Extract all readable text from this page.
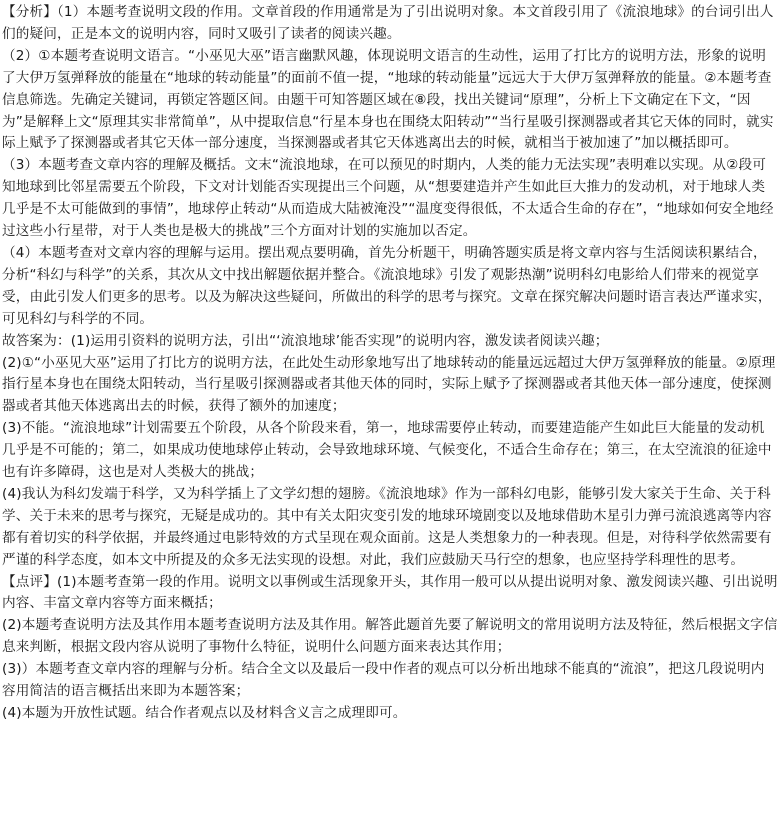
【分析】（1）本题考查说明文段的作用。文章首段的作用通常是为了引出说明对象。本文首段引用了《流浪地球》的台词引出人们的疑问，正是本文的说明内容，同时又吸引了读者的阅读兴趣。

（2）①本题考查说明文语言。“小巫见大巫”语言幽默风趣，体现说明文语言的生动性，运用了打比方的说明方法，形象的说明了大伊万氢弹释放的能量在“地球的转动能量”的面前不值一提，“地球的转动能量”远远大于大伊万氢弹释放的能量。②本题考查信息筛选。先确定关键词，再锁定答题区间。由题干可知答题区域在⑧段，找出关键词“原理”，分析上下文确定在下文，“因为”是解释上文“原理其实非常简单”，从中提取信息“行星本身也在围绕太阳转动”“当行星吸引探测器或者其它天体的同时，就实际上赋予了探测器或者其它天体一部分速度，当探测器或者其它天体逃离出去的时候，就相当于被加速了”加以概括即可。

（3）本题考查文章内容的理解及概括。文末“流浪地球，在可以预见的时期内，人类的能力无法实现”表明难以实现。从②段可知地球到比邻星需要五个阶段，下文对计划能否实现提出三个问题，从“想要建造并产生如此巨大推力的发动机，对于地球人类几乎是不太可能做到的事情”，地球停止转动“从而造成大陆被淹没”“温度变得很低，不太适合生命的存在”，“地球如何安全地经过这些小行星带，对于人类也是极大的挑战”三个方面对计划的实施加以否定。

（4）本题考查对文章内容的理解与运用。摆出观点要明确，首先分析题干，明确答题实质是将文章内容与生活阅读积累结合，分析“科幻与科学”的关系，其次从文中找出解题依据并整合。《流浪地球》引发了观影热潮”说明科幻电影给人们带来的视觉享受，由此引发人们更多的思考。以及为解决这些疑问，所做出的科学的思考与探究。文章在探究解决问题时语言表达严谨求实，可见科幻与科学的不同。

故答案为：(1)运用引资料的说明方法，引出“‘流浪地球’能否实现”的说明内容，激发读者阅读兴趣；

(2)①“小巫见大巫”运用了打比方的说明方法，在此处生动形象地写出了地球转动的能量远远超过大伊万氢弹释放的能量。②原理指行星本身也在围绕太阳转动，当行星吸引探测器或者其他天体的同时，实际上赋予了探测器或者其他天体一部分速度，使探测器或者其他天体逃离出去的时候，获得了额外的加速度；

(3)不能。“流浪地球”计划需要五个阶段，从各个阶段来看，第一，地球需要停止转动，而要建造能产生如此巨大能量的发动机几乎是不可能的；第二，如果成功使地球停止转动，会导致地球环境、气候变化，不适合生命存在；第三，在太空流浪的征途中也有许多障碍，这也是对人类极大的挑战；

(4)我认为科幻发端于科学，又为科学插上了文学幻想的翅膀。《流浪地球》作为一部科幻电影，能够引发大家关于生命、关于科学、关于未来的思考与探究，无疑是成功的。其中有关太阳灾变引发的地球环境剧变以及地球借助木星引力弹弓流浪逃离等内容都有着切实的科学依据，并最终通过电影特效的方式呈现在观众面前。这是人类想象力的一种表现。但是，对待科学依然需要有严谨的科学态度，如本文中所提及的众多无法实现的设想。对此，我们应鼓励天马行空的想象，也应坚持学科理性的思考。

【点评】(1)本题考查第一段的作用。说明文以事例或生活现象开头，其作用一般可以从提出说明对象、激发阅读兴趣、引出说明内容、丰富文章内容等方面来概括；

(2)本题考查说明方法及其作用本题考查说明方法及其作用。解答此题首先要了解说明文的常用说明方法及特征，然后根据文字信息来判断，根据文段内容从说明了事物什么特征，说明什么问题方面来表达其作用；

(3)）本题考查文章内容的理解与分析。结合全文以及最后一段中作者的观点可以分析出地球不能真的“流浪”，把这几段说明内容用简洁的语言概括出来即为本题答案；

(4)本题为开放性试题。结合作者观点以及材料含义言之成理即可。
